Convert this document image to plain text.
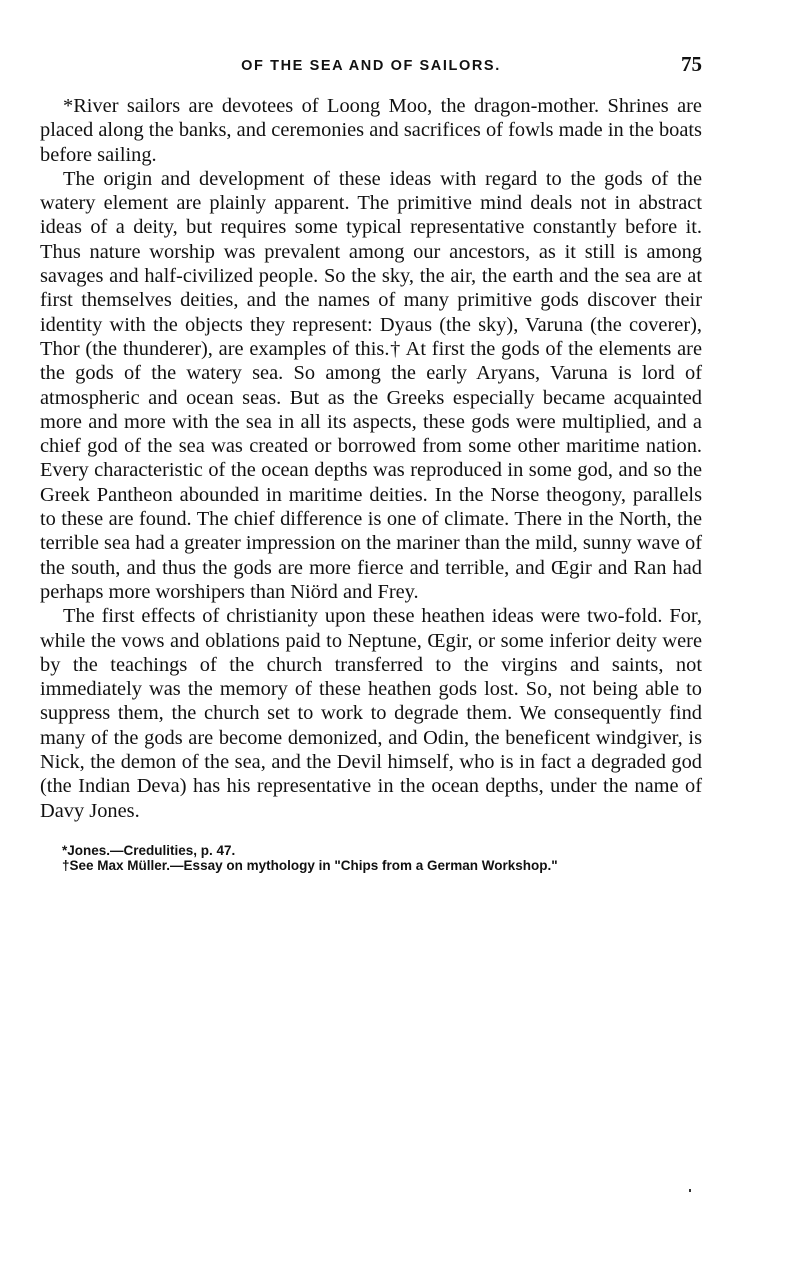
OF THE SEA AND OF SAILORS.	75

*River sailors are devotees of Loong Moo, the dragon-mother. Shrines are placed along the banks, and ceremonies and sacrifices of fowls made in the boats before sailing.

The origin and development of these ideas with regard to the gods of the watery element are plainly apparent. The primitive mind deals not in abstract ideas of a deity, but requires some typical representative constantly before it. Thus nature worship was prevalent among our ancestors, as it still is among savages and half-civilized people. So the sky, the air, the earth and the sea are at first themselves deities, and the names of many primitive gods discover their identity with the objects they represent: Dyaus (the sky), Varuna (the coverer), Thor (the thunderer), are examples of this.† At first the gods of the elements are the gods of the watery sea. So among the early Aryans, Varuna is lord of atmospheric and ocean seas. But as the Greeks especially became acquainted more and more with the sea in all its aspects, these gods were multiplied, and a chief god of the sea was created or borrowed from some other maritime nation. Every characteristic of the ocean depths was reproduced in some god, and so the Greek Pantheon abounded in maritime deities. In the Norse theogony, parallels to these are found. The chief difference is one of climate. There in the North, the terrible sea had a greater impression on the mariner than the mild, sunny wave of the south, and thus the gods are more fierce and terrible, and Œgir and Ran had perhaps more worshipers than Niörd and Frey.

The first effects of christianity upon these heathen ideas were two-fold. For, while the vows and oblations paid to Neptune, Œgir, or some inferior deity were by the teachings of the church transferred to the virgins and saints, not immediately was the memory of these heathen gods lost. So, not being able to suppress them, the church set to work to degrade them. We consequently find many of the gods are become demonized, and Odin, the beneficent windgiver, is Nick, the demon of the sea, and the Devil himself, who is in fact a degraded god (the Indian Deva) has his representative in the ocean depths, under the name of Davy Jones.

*Jones.—Credulities, p. 47.

†See Max Müller.—Essay on mythology in "Chips from a German Workshop."
